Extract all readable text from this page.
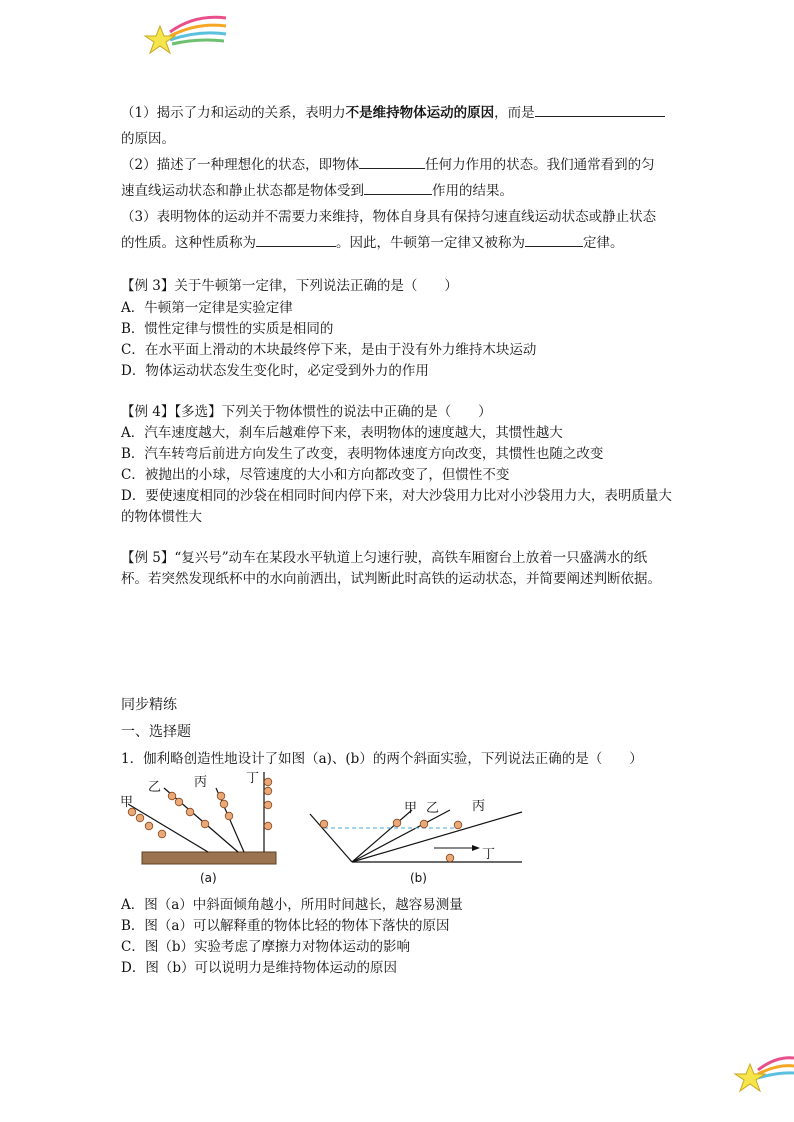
（1）揭示了力和运动的关系，表明力不是维持物体运动的原因，而是
的原因。
（2）描述了一种理想化的状态，即物体	任何力作用的状态。我们通常看到的匀
速直线运动状态和静止状态都是物体受到	作用的结果。
（3）表明物体的运动并不需要力来维持，物体自身具有保持匀速直线运动状态或静止状态
的性质。这种性质称为	。因此，牛顿第一定律又被称为	定律。
【例 3】关于牛顿第一定律，下列说法正确的是（　　）
A．牛顿第一定律是实验定律
B．惯性定律与惯性的实质是相同的
C．在水平面上滑动的木块最终停下来，是由于没有外力维持木块运动
D．物体运动状态发生变化时，必定受到外力的作用
【例 4】【多选】下列关于物体惯性的说法中正确的是（　　）
A．汽车速度越大，刹车后越难停下来，表明物体的速度越大，其惯性越大
B．汽车转弯后前进方向发生了改变，表明物体速度方向改变，其惯性也随之改变
C．被抛出的小球，尽管速度的大小和方向都改变了，但惯性不变
D．要使速度相同的沙袋在相同时间内停下来，对大沙袋用力比对小沙袋用力大，表明质量大
的物体惯性大
【例 5】“复兴号”动车在某段水平轨道上匀速行驶，高铁车厢窗台上放着一只盛满水的纸
杯。若突然发现纸杯中的水向前洒出，试判断此时高铁的运动状态，并简要阐述判断依据。
同步精练
一、选择题
1．伽利略创造性地设计了如图（a)、(b）的两个斜面实验，下列说法正确的是（　　）
甲
乙	丙	丁
(a)
甲 乙	丙
丁
(b)
A．图（a）中斜面倾角越小，所用时间越长，越容易测量
B．图（a）可以解释重的物体比轻的物体下落快的原因
C．图（b）实验考虑了摩擦力对物体运动的影响
D．图（b）可以说明力是维持物体运动的原因
